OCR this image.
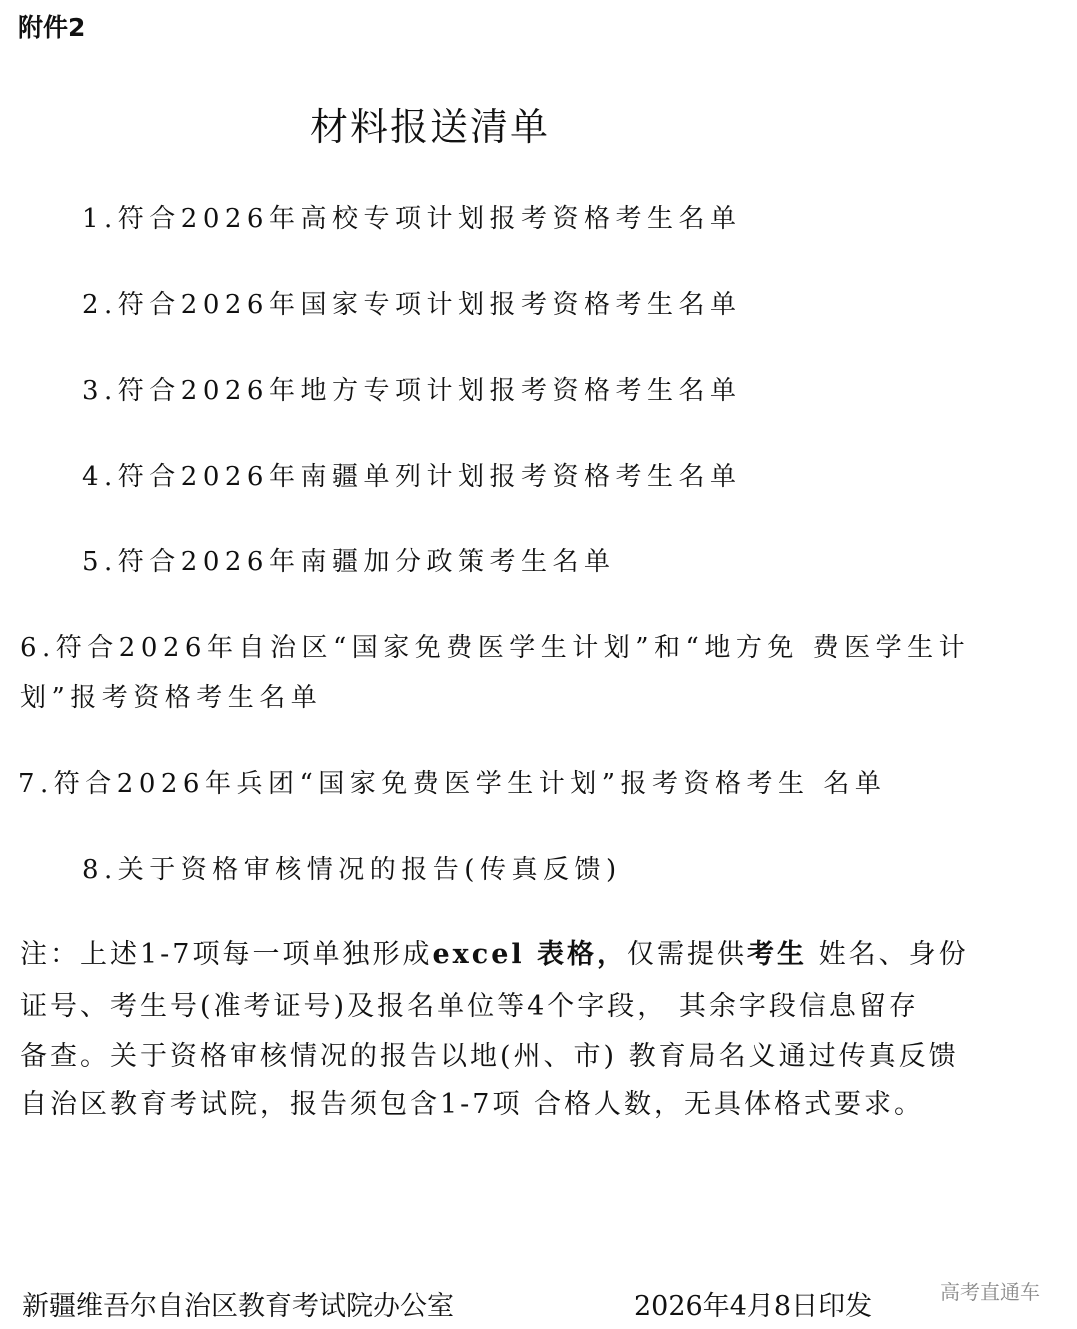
附件2
材料报送清单
1.符合2026年高校专项计划报考资格考生名单
2.符合2026年国家专项计划报考资格考生名单
3.符合2026年地方专项计划报考资格考生名单
4.符合2026年南疆单列计划报考资格考生名单
5.符合2026年南疆加分政策考生名单
6.符合2026年自治区“国家免费医学生计划”和“地方免 费医学生计
划”报考资格考生名单
7.符合2026年兵团“国家免费医学生计划”报考资格考生 名单
8.关于资格审核情况的报告(传真反馈)
注：上述1-7项每一项单独形成excel 表格，仅需提供考生 姓名、身份
证号、考生号(准考证号)及报名单位等4个字段， 其余字段信息留存
备查。关于资格审核情况的报告以地(州、市) 教育局名义通过传真反馈
自治区教育考试院，报告须包含1-7项 合格人数，无具体格式要求。
新疆维吾尔自治区教育考试院办公室	2026年4月8日印发	高考直通车
